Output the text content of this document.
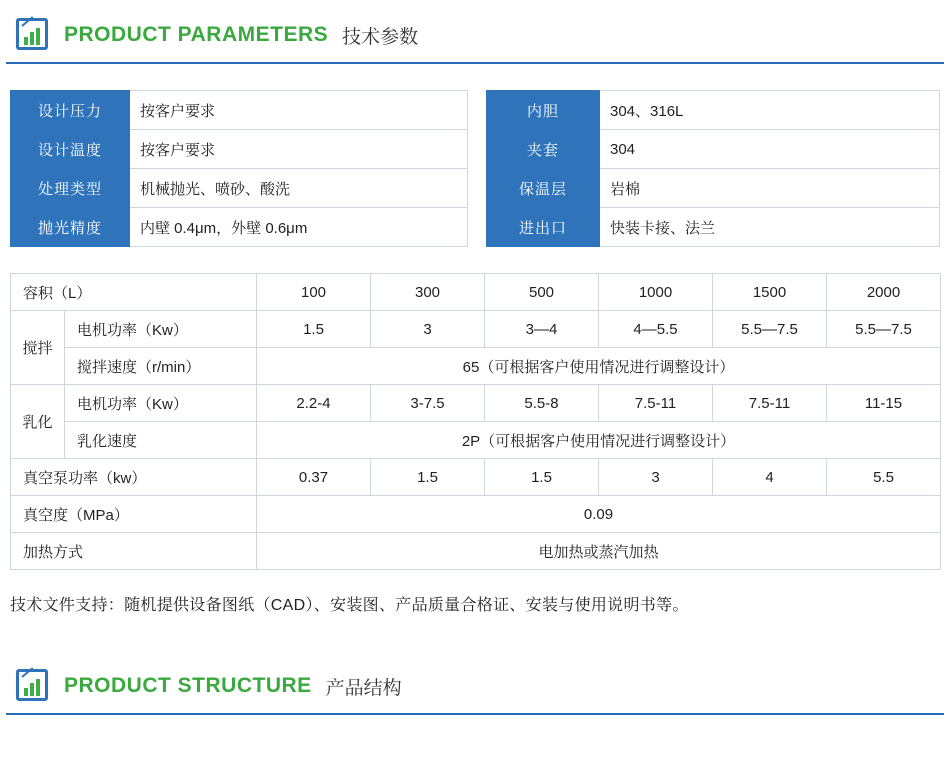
PRODUCT PARAMETERS 技术参数
设计压力	按客户要求
设计温度	按客户要求
处理类型	机械抛光、喷砂、酸洗
抛光精度	内壁 0.4μm，外壁 0.6μm
内胆	304、316L
夹套	304
保温层	岩棉
进出口	快装卡接、法兰
容积（L）		100	300	500	1000	1500	2000
搅拌	电机功率（Kw）	1.5	3	3—4	4—5.5	5.5—7.5	5.5—7.5
	搅拌速度（r/min）	65（可根据客户使用情况进行调整设计）					
乳化	电机功率（Kw）	2.2-4	3-7.5	5.5-8	7.5-11	7.5-11	11-15
	乳化速度	2P（可根据客户使用情况进行调整设计）					
真空泵功率（kw）		0.37	1.5	1.5	3	4	5.5
真空度（MPa）		0.09					
加热方式		电加热或蒸汽加热					
技术文件支持：随机提供设备图纸（CAD）、安装图、产品质量合格证、安装与使用说明书等。
PRODUCT STRUCTURE 产品结构
